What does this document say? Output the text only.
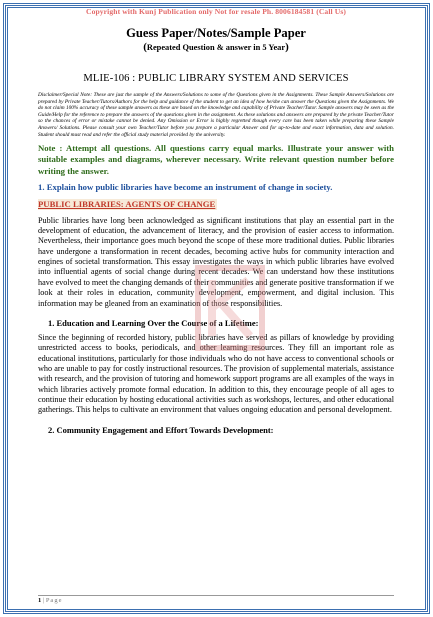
Copyright with Kunj Publication only Not for resale Ph. 8006184581 (Call Us)
Guess Paper/Notes/Sample Paper
(Repeated Question & answer in 5 Year)
MLIE-106 : PUBLIC LIBRARY SYSTEM AND SERVICES
Disclaimer/Special Note: These are just the sample of the Answers/Solutions to some of the Questions given in the Assignments. These Sample Answers/Solutions are prepared by Private Teacher/Tutors/Authors for the help and guidance of the student to get an idea of how he/she can answer the Questions given the Assignments. We do not claim 100% accuracy of these sample answers as these are based on the knowledge and capability of Private Teacher/Tutor. Sample answers may be seen as the Guide/Help for the reference to prepare the answers of the questions given in the assignment. As these solutions and answers are prepared by the private Teacher/Tutor so the chances of error or mistake cannot be denied. Any Omission or Error is highly regretted though every care has been taken while preparing these Sample Answers/ Solutions. Please consult your own Teacher/Tutor before you prepare a particular Answer and for up-to-date and exact information, data and solution. Student should must read and refer the official study material provided by the university.
Note : Attempt all questions. All questions carry equal marks. Illustrate your answer with suitable examples and diagrams, wherever necessary. Write relevant question number before writing the answer.
1. Explain how public libraries have become an instrument of change in society.
PUBLIC LIBRARIES: AGENTS OF CHANGE
Public libraries have long been acknowledged as significant institutions that play an essential part in the development of education, the advancement of literacy, and the provision of easier access to information. Nevertheless, their importance goes much beyond the scope of these more traditional duties. Public libraries have undergone a transformation in recent decades, becoming active hubs for community interaction and engines of societal transformation. This essay investigates the ways in which public libraries have evolved into influential agents of social change during recent decades. We can understand how these institutions have evolved to meet the changing demands of their communities and generate positive transformation if we look at their roles in education, community development, empowerment, and digital inclusion. This information may be gleaned from an examination of those responsibilities.
1. Education and Learning Over the Course of a Lifetime:
Since the beginning of recorded history, public libraries have served as pillars of knowledge by providing unrestricted access to books, periodicals, and other learning resources. They fill an important role as educational institutions, particularly for those individuals who do not have access to conventional schools or who are unable to pay for costly instructional resources. The provision of supplemental materials, assistance with research, and the provision of tutoring and homework support programs are all examples of the ways in which libraries actively promote formal education. In addition to this, they encourage people of all ages to continue their education by hosting educational activities such as workshops, lectures, and other educational gatherings. This helps to cultivate an environment that values ongoing education and personal development.
2. Community Engagement and Effort Towards Development:
1 | Page
